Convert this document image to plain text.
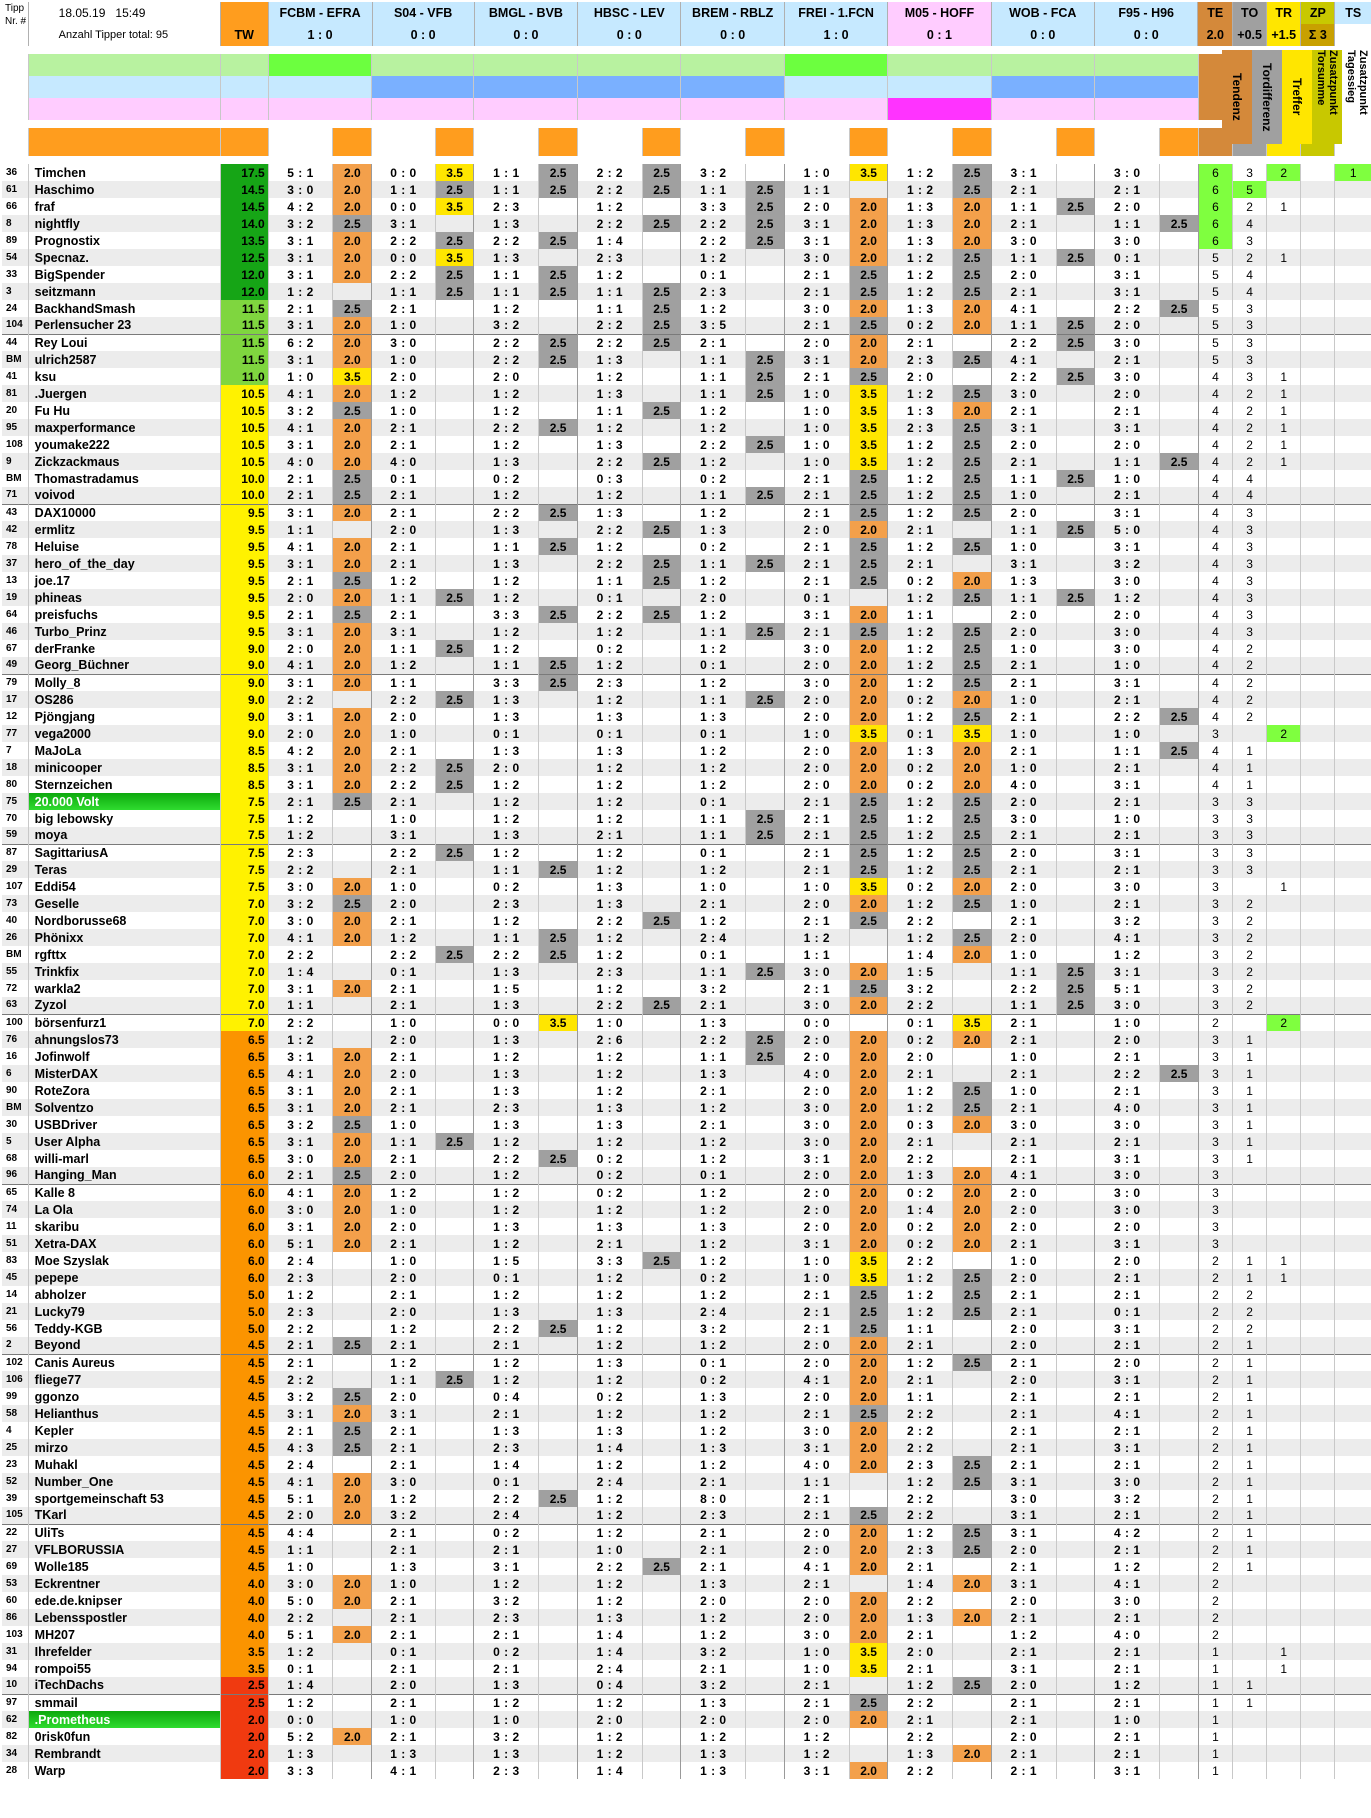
Tipp
Nr. #
	18.05.19 15:49			FCBM - EFRA	S04 - VFB	BMGL - BVB	HBSC - LEV	BREM - RBLZ	FREI - 1.FCN	M05 - HOFF	WOB - FCA	F95 - H96
		TE	TO	TR	ZP	TS
Anzahl Tipper total: 95	TW		1 : 0	0 : 0	0 : 0	0 : 0	0 : 0	1 : 0	0 : 1	0 : 0	0 : 0
		2.0	+0.5	+1.5	Σ 3	

36	Timchen	17.5	5 : 1	2.0	0 : 0	3.5	1 : 1	2.5	2 : 2	2.5	3 : 2		1 : 0	3.5	1 : 2	2.5	3 : 1		3 : 0		6	3	2		1
61	Haschimo	14.5	3 : 0	2.0	1 : 1	2.5	1 : 1	2.5	2 : 2	2.5	1 : 1	2.5	1 : 1		1 : 2	2.5	2 : 1		2 : 1		6	5			
66	fraf	14.5	4 : 2	2.0	0 : 0	3.5	2 : 3		1 : 2		3 : 3	2.5	2 : 0	2.0	1 : 3	2.0	1 : 1	2.5	2 : 0		6	2	1		
8	nightfly	14.0	3 : 2	2.5	3 : 1		1 : 3		2 : 2	2.5	2 : 2	2.5	3 : 1	2.0	1 : 3	2.0	2 : 1		1 : 1	2.5	6	4			
89	Prognostix	13.5	3 : 1	2.0	2 : 2	2.5	2 : 2	2.5	1 : 4		2 : 2	2.5	3 : 1	2.0	1 : 3	2.0	3 : 0		3 : 0		6	3			
54	Specnaz.	12.5	3 : 1	2.0	0 : 0	3.5	1 : 3		2 : 3		1 : 2		3 : 0	2.0	1 : 2	2.5	1 : 1	2.5	0 : 1		5	2	1		
33	BigSpender	12.0	3 : 1	2.0	2 : 2	2.5	1 : 1	2.5	1 : 2		0 : 1		2 : 1	2.5	1 : 2	2.5	2 : 0		3 : 1		5	4			
3	seitzmann	12.0	1 : 2		1 : 1	2.5	1 : 1	2.5	1 : 1	2.5	2 : 3		2 : 1	2.5	1 : 2	2.5	2 : 1		3 : 1		5	4			
24	BackhandSmash	11.5	2 : 1	2.5	2 : 1		1 : 2		1 : 1	2.5	1 : 2		3 : 0	2.0	1 : 3	2.0	4 : 1		2 : 2	2.5	5	3			
104	Perlensucher 23	11.5	3 : 1	2.0	1 : 0		3 : 2		2 : 2	2.5	3 : 5		2 : 1	2.5	0 : 2	2.0	1 : 1	2.5	2 : 0		5	3			
44	Rey Loui	11.5	6 : 2	2.0	3 : 0		2 : 2	2.5	2 : 2	2.5	2 : 1		2 : 0	2.0	2 : 1		2 : 2	2.5	3 : 0		5	3			
BM	ulrich2587	11.5	3 : 1	2.0	1 : 0		2 : 2	2.5	1 : 3		1 : 1	2.5	3 : 1	2.0	2 : 3	2.5	4 : 1		2 : 1		5	3			
41	ksu	11.0	1 : 0	3.5	2 : 0		2 : 0		1 : 2		1 : 1	2.5	2 : 1	2.5	2 : 0		2 : 2	2.5	3 : 0		4	3	1		
81	.Juergen	10.5	4 : 1	2.0	1 : 2		1 : 2		1 : 3		1 : 1	2.5	1 : 0	3.5	1 : 2	2.5	3 : 0		2 : 0		4	2	1		
20	Fu Hu	10.5	3 : 2	2.5	1 : 0		1 : 2		1 : 1	2.5	1 : 2		1 : 0	3.5	1 : 3	2.0	2 : 1		2 : 1		4	2	1		
95	maxperformance	10.5	4 : 1	2.0	2 : 1		2 : 2	2.5	1 : 2		1 : 2		1 : 0	3.5	2 : 3	2.5	3 : 1		3 : 1		4	2	1		
108	youmake222	10.5	3 : 1	2.0	2 : 1		1 : 2		1 : 3		2 : 2	2.5	1 : 0	3.5	1 : 2	2.5	2 : 0		2 : 0		4	2	1		
9	Zickzackmaus	10.5	4 : 0	2.0	4 : 0		1 : 3		2 : 2	2.5	1 : 2		1 : 0	3.5	1 : 2	2.5	2 : 1		1 : 1	2.5	4	2	1		
BM	Thomastradamus	10.0	2 : 1	2.5	0 : 1		0 : 2		0 : 3		0 : 2		2 : 1	2.5	1 : 2	2.5	1 : 1	2.5	1 : 0		4	4			
71	voivod	10.0	2 : 1	2.5	2 : 1		1 : 2		1 : 2		1 : 1	2.5	2 : 1	2.5	1 : 2	2.5	1 : 0		2 : 1		4	4			
43	DAX10000	9.5	3 : 1	2.0	2 : 1		2 : 2	2.5	1 : 3		1 : 2		2 : 1	2.5	1 : 2	2.5	2 : 0		3 : 1		4	3			
42	ermlitz	9.5	1 : 1		2 : 0		1 : 3		2 : 2	2.5	1 : 3		2 : 0	2.0	2 : 1		1 : 1	2.5	5 : 0		4	3			
78	Heluise	9.5	4 : 1	2.0	2 : 1		1 : 1	2.5	1 : 2		0 : 2		2 : 1	2.5	1 : 2	2.5	1 : 0		3 : 1		4	3			
37	hero_of_the_day	9.5	3 : 1	2.0	2 : 1		1 : 3		2 : 2	2.5	1 : 1	2.5	2 : 1	2.5	2 : 1		3 : 1		3 : 2		4	3			
13	joe.17	9.5	2 : 1	2.5	1 : 2		1 : 2		1 : 1	2.5	1 : 2		2 : 1	2.5	0 : 2	2.0	1 : 3		3 : 0		4	3			
19	phineas	9.5	2 : 0	2.0	1 : 1	2.5	1 : 2		0 : 1		2 : 0		0 : 1		1 : 2	2.5	1 : 1	2.5	1 : 2		4	3			
64	preisfuchs	9.5	2 : 1	2.5	2 : 1		3 : 3	2.5	2 : 2	2.5	1 : 2		3 : 1	2.0	1 : 1		2 : 0		2 : 0		4	3			
46	Turbo_Prinz	9.5	3 : 1	2.0	3 : 1		1 : 2		1 : 2		1 : 1	2.5	2 : 1	2.5	1 : 2	2.5	2 : 0		3 : 0		4	3			
67	derFranke	9.0	2 : 0	2.0	1 : 1	2.5	1 : 2		0 : 2		1 : 2		3 : 0	2.0	1 : 2	2.5	1 : 0		3 : 0		4	2			
49	Georg_Büchner	9.0	4 : 1	2.0	1 : 2		1 : 1	2.5	1 : 2		0 : 1		2 : 0	2.0	1 : 2	2.5	2 : 1		1 : 0		4	2			
79	Molly_8	9.0	3 : 1	2.0	1 : 1		3 : 3	2.5	2 : 3		1 : 2		3 : 0	2.0	1 : 2	2.5	2 : 1		3 : 1		4	2			
17	OS286	9.0	2 : 2		2 : 2	2.5	1 : 3		1 : 2		1 : 1	2.5	2 : 0	2.0	0 : 2	2.0	1 : 0		2 : 1		4	2			
12	Pjöngjang	9.0	3 : 1	2.0	2 : 0		1 : 3		1 : 3		1 : 3		2 : 0	2.0	1 : 2	2.5	2 : 1		2 : 2	2.5	4	2			
77	vega2000	9.0	2 : 0	2.0	1 : 0		0 : 1		0 : 1		0 : 1		1 : 0	3.5	0 : 1	3.5	1 : 0		1 : 0		3		2		
7	MaJoLa	8.5	4 : 2	2.0	2 : 1		1 : 3		1 : 3		1 : 2		2 : 0	2.0	1 : 3	2.0	2 : 1		1 : 1	2.5	4	1			
18	minicooper	8.5	3 : 1	2.0	2 : 2	2.5	2 : 0		1 : 2		1 : 2		2 : 0	2.0	0 : 2	2.0	1 : 0		2 : 1		4	1			
80	Sternzeichen	8.5	3 : 1	2.0	2 : 2	2.5	1 : 2		1 : 2		1 : 2		2 : 0	2.0	0 : 2	2.0	4 : 0		3 : 1		4	1			
75	20.000 Volt	7.5	2 : 1	2.5	2 : 1		1 : 2		1 : 2		0 : 1		2 : 1	2.5	1 : 2	2.5	2 : 0		2 : 1		3	3			
70	big lebowsky	7.5	1 : 2		1 : 0		1 : 2		1 : 2		1 : 1	2.5	2 : 1	2.5	1 : 2	2.5	3 : 0		1 : 0		3	3			
59	moya	7.5	1 : 2		3 : 1		1 : 3		2 : 1		1 : 1	2.5	2 : 1	2.5	1 : 2	2.5	2 : 1		2 : 1		3	3			
87	SagittariusA	7.5	2 : 3		2 : 2	2.5	1 : 2		1 : 2		0 : 1		2 : 1	2.5	1 : 2	2.5	2 : 0		3 : 1		3	3			
29	Teras	7.5	2 : 2		2 : 1		1 : 1	2.5	1 : 2		1 : 2		2 : 1	2.5	1 : 2	2.5	2 : 1		2 : 1		3	3			
107	Eddi54	7.5	3 : 0	2.0	1 : 0		0 : 2		1 : 3		1 : 0		1 : 0	3.5	0 : 2	2.0	2 : 0		3 : 0		3		1		
73	Geselle	7.0	3 : 2	2.5	2 : 0		2 : 3		1 : 3		2 : 1		2 : 0	2.0	1 : 2	2.5	1 : 0		2 : 1		3	2			
40	Nordborusse68	7.0	3 : 0	2.0	2 : 1		1 : 2		2 : 2	2.5	1 : 2		2 : 1	2.5	2 : 2		2 : 1		3 : 2		3	2			
26	Phönixx	7.0	4 : 1	2.0	1 : 2		1 : 1	2.5	1 : 2		2 : 4		1 : 2		1 : 2	2.5	2 : 0		4 : 1		3	2			
BM	rgfttx	7.0	2 : 2		2 : 2	2.5	2 : 2	2.5	1 : 2		0 : 1		1 : 1		1 : 4	2.0	1 : 0		1 : 2		3	2			
55	Trinkfix	7.0	1 : 4		0 : 1		1 : 3		2 : 3		1 : 1	2.5	3 : 0	2.0	1 : 5		1 : 1	2.5	3 : 1		3	2			
72	warkla2	7.0	3 : 1	2.0	2 : 1		1 : 5		1 : 2		3 : 2		2 : 1	2.5	3 : 2		2 : 2	2.5	5 : 1		3	2			
63	Zyzol	7.0	1 : 1		2 : 1		1 : 3		2 : 2	2.5	2 : 1		3 : 0	2.0	2 : 2		1 : 1	2.5	3 : 0		3	2			
100	börsenfurz1	7.0	2 : 2		1 : 0		0 : 0	3.5	1 : 0		1 : 3		0 : 0		0 : 1	3.5	2 : 1		1 : 0		2		2		
76	ahnungslos73	6.5	1 : 2		2 : 0		1 : 3		2 : 6		2 : 2	2.5	2 : 0	2.0	0 : 2	2.0	2 : 1		2 : 0		3	1			
16	Jofinwolf	6.5	3 : 1	2.0	2 : 1		1 : 2		1 : 2		1 : 1	2.5	2 : 0	2.0	2 : 0		1 : 0		2 : 1		3	1			
6	MisterDAX	6.5	4 : 1	2.0	2 : 0		1 : 3		1 : 2		1 : 3		4 : 0	2.0	2 : 1		2 : 1		2 : 2	2.5	3	1			
90	RoteZora	6.5	3 : 1	2.0	2 : 1		1 : 3		1 : 2		2 : 1		2 : 0	2.0	1 : 2	2.5	1 : 0		2 : 1		3	1			
BM	Solventzo	6.5	3 : 1	2.0	2 : 1		2 : 3		1 : 3		1 : 2		3 : 0	2.0	1 : 2	2.5	2 : 1		4 : 0		3	1			
30	USBDriver	6.5	3 : 2	2.5	1 : 0		1 : 3		1 : 3		2 : 1		3 : 0	2.0	0 : 3	2.0	3 : 0		3 : 0		3	1			
5	User Alpha	6.5	3 : 1	2.0	1 : 1	2.5	1 : 2		1 : 2		1 : 2		3 : 0	2.0	2 : 1		2 : 1		2 : 1		3	1			
68	willi-marl	6.5	3 : 0	2.0	2 : 1		2 : 2	2.5	0 : 2		1 : 2		3 : 1	2.0	2 : 2		2 : 1		3 : 1		3	1			
96	Hanging_Man	6.0	2 : 1	2.5	2 : 0		1 : 2		0 : 2		0 : 1		2 : 0	2.0	1 : 3	2.0	4 : 1		3 : 0		3				
65	Kalle 8	6.0	4 : 1	2.0	1 : 2		1 : 2		0 : 2		1 : 2		2 : 0	2.0	0 : 2	2.0	2 : 0		3 : 0		3				
74	La Ola	6.0	3 : 0	2.0	1 : 0		1 : 2		1 : 2		1 : 2		2 : 0	2.0	1 : 4	2.0	2 : 0		3 : 0		3				
11	skaribu	6.0	3 : 1	2.0	2 : 0		1 : 3		1 : 3		1 : 3		2 : 0	2.0	0 : 2	2.0	2 : 0		2 : 0		3				
51	Xetra-DAX	6.0	5 : 1	2.0	2 : 1		1 : 2		2 : 1		1 : 2		3 : 1	2.0	0 : 2	2.0	2 : 1		3 : 1		3				
83	Moe Szyslak	6.0	2 : 4		1 : 0		1 : 5		3 : 3	2.5	1 : 2		1 : 0	3.5	2 : 2		1 : 0		2 : 0		2	1	1		
45	pepepe	6.0	2 : 3		2 : 0		0 : 1		1 : 2		0 : 2		1 : 0	3.5	1 : 2	2.5	2 : 0		2 : 1		2	1	1		
14	abholzer	5.0	1 : 2		2 : 1		1 : 2		1 : 2		1 : 2		2 : 1	2.5	1 : 2	2.5	2 : 1		2 : 1		2	2			
21	Lucky79	5.0	2 : 3		2 : 0		1 : 3		1 : 3		2 : 4		2 : 1	2.5	1 : 2	2.5	2 : 1		0 : 1		2	2			
56	Teddy-KGB	5.0	2 : 2		1 : 2		2 : 2	2.5	1 : 2		3 : 2		2 : 1	2.5	1 : 1		2 : 0		3 : 1		2	2			
2	Beyond	4.5	2 : 1	2.5	2 : 1		2 : 1		1 : 2		1 : 2		2 : 0	2.0	2 : 1		2 : 0		2 : 1		2	1			
102	Canis Aureus	4.5	2 : 1		1 : 2		1 : 2		1 : 3		0 : 1		2 : 0	2.0	1 : 2	2.5	2 : 1		2 : 0		2	1			
106	fliege77	4.5	2 : 2		1 : 1	2.5	1 : 2		1 : 2		0 : 2		4 : 1	2.0	2 : 1		2 : 0		3 : 1		2	1			
99	ggonzo	4.5	3 : 2	2.5	2 : 0		0 : 4		0 : 2		1 : 3		2 : 0	2.0	1 : 1		2 : 1		2 : 1		2	1			
58	Helianthus	4.5	3 : 1	2.0	3 : 1		2 : 1		1 : 2		1 : 2		2 : 1	2.5	2 : 2		2 : 1		4 : 1		2	1			
4	Kepler	4.5	2 : 1	2.5	2 : 1		1 : 3		1 : 3		1 : 2		3 : 0	2.0	2 : 2		2 : 1		2 : 1		2	1			
25	mirzo	4.5	4 : 3	2.5	2 : 1		2 : 3		1 : 4		1 : 3		3 : 1	2.0	2 : 2		2 : 1		3 : 1		2	1			
23	Muhakl	4.5	2 : 4		2 : 1		1 : 4		1 : 2		1 : 2		4 : 0	2.0	2 : 3	2.5	2 : 1		2 : 1		2	1			
52	Number_One	4.5	4 : 1	2.0	3 : 0		0 : 1		2 : 4		2 : 1		1 : 1		1 : 2	2.5	3 : 1		3 : 0		2	1			
39	sportgemeinschaft 53	4.5	5 : 1	2.0	1 : 2		2 : 2	2.5	1 : 2		8 : 0		2 : 1		2 : 2		3 : 0		3 : 2		2	1			
105	TKarl	4.5	2 : 0	2.0	3 : 2		2 : 4		1 : 2		2 : 3		2 : 1	2.5	2 : 2		3 : 1		2 : 1		2	1			
22	UliTs	4.5	4 : 4		2 : 1		0 : 2		1 : 2		2 : 1		2 : 0	2.0	1 : 2	2.5	3 : 1		4 : 2		2	1			
27	VFLBORUSSIA	4.5	1 : 1		2 : 1		2 : 1		1 : 0		2 : 1		2 : 0	2.0	2 : 3	2.5	2 : 0		2 : 1		2	1			
69	Wolle185	4.5	1 : 0		1 : 3		3 : 1		2 : 2	2.5	2 : 1		4 : 1	2.0	2 : 1		2 : 1		1 : 2		2	1			
53	Eckrentner	4.0	3 : 0	2.0	1 : 0		1 : 2		1 : 2		1 : 3		2 : 1		1 : 4	2.0	3 : 1		4 : 1		2				
60	ede.de.knipser	4.0	5 : 0	2.0	2 : 1		3 : 2		1 : 2		2 : 0		2 : 0	2.0	2 : 2		2 : 0		3 : 0		2				
86	Lebensspostler	4.0	2 : 2		2 : 1		2 : 3		1 : 3		1 : 2		2 : 0	2.0	1 : 3	2.0	2 : 1		2 : 1		2				
103	MH207	4.0	5 : 1	2.0	2 : 1		2 : 1		1 : 4		1 : 2		3 : 0	2.0	2 : 1		1 : 2		4 : 0		2				
31	Ihrefelder	3.5	1 : 2		0 : 1		0 : 2		1 : 4		3 : 2		1 : 0	3.5	2 : 0		2 : 1		2 : 1		1		1		
94	rompoi55	3.5	0 : 1		2 : 1		2 : 1		2 : 4		2 : 1		1 : 0	3.5	2 : 1		3 : 1		2 : 1		1		1		
10	iTechDachs	2.5	1 : 4		2 : 0		1 : 3		0 : 4		3 : 2		2 : 1		1 : 2	2.5	2 : 0		1 : 2		1	1			
97	smmail	2.5	1 : 2		2 : 1		1 : 2		1 : 2		1 : 3		2 : 1	2.5	2 : 2		2 : 1		2 : 1		1	1			
62	.Prometheus	2.0	0 : 0		1 : 0		1 : 0		2 : 0		2 : 0		2 : 0	2.0	2 : 1		2 : 1		1 : 0		1				
82	0risk0fun	2.0	5 : 2	2.0	2 : 1		3 : 2		1 : 2		1 : 2		1 : 2		2 : 2		2 : 0		2 : 1		1				
34	Rembrandt	2.0	1 : 3		1 : 3		1 : 3		1 : 2		1 : 3		1 : 2		1 : 3	2.0	2 : 1		2 : 1		1				
28	Warp	2.0	3 : 3		4 : 1		2 : 3		1 : 4		1 : 3		3 : 1	2.0	2 : 2		2 : 1		3 : 1		1				
Tendenz	Tordifferenz	Treffer	Zusatzpunkt Torsumme	Zusatzpunkt Tagessieg
